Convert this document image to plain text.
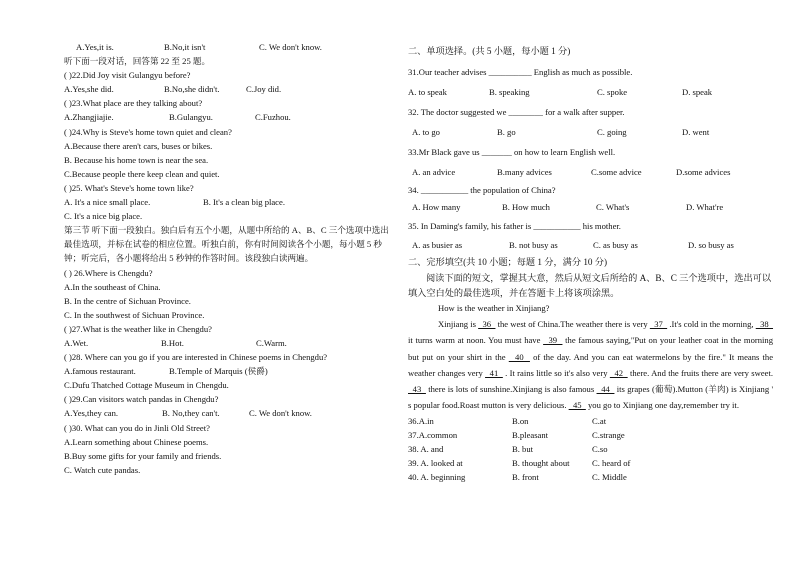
A.Yes,it is.	B.No,it isn't	C. We don't know.
听下面一段对话，回答第 22 至 25 题。
( )22.Did Joy visit Gulangyu before?
A.Yes,she did.	B.No,she didn't.	C.Joy did.
( )23.What place are they talking about?
A.Zhangjiajie.	B.Gulangyu.	C.Fuzhou.
( )24.Why is Steve's home town quiet and clean?
A.Because there aren't cars, buses or bikes.
B. Because his home town is near the sea.
C.Because people there keep clean and quiet.
( )25. What's Steve's home town like?
A. It's a nice small place.	B. It's a clean big place.
C. It's a nice big place.
第三节 听下面一段独白。独白后有五个小题，从题中所给的 A、B、C 三个选项中选出最佳选项，并标在试卷的相应位置。听独白前，你有时间阅读各个小题，每小题 5 秒钟；听完后，各小题将给出 5 秒钟的作答时间。该段独白读两遍。
( ) 26.Where is Chengdu?
A.In the southeast of China.
B. In the centre of Sichuan Province.
C. In the southwest of Sichuan Province.
( )27.What is the weather like in Chengdu?
A.Wet.	B.Hot.	C.Warm.
( )28. Where can you go if you are interested in Chinese poems in Chengdu?
A.famous restaurant.	B.Temple of Marquis (侯爵)
C.Dufu Thatched Cottage Museum in Chengdu.
( )29.Can visitors watch pandas in Chengdu?
A.Yes,they can.	B. No,they can't.	C. We don't know.
( )30. What can you do in Jinli Old Street?
A.Learn something about Chinese poems.
B.Buy some gifts for your family and friends.
C. Watch cute pandas.
二、单项选择。(共 5 小题，每小题 1 分)
31.Our teacher advises __________ English as much as possible.
A. to speak	B. speaking	C. spoke	D. speak
32. The doctor suggested we ________ for a walk after supper.
A. to go	B. go	C. going	D. went
33.Mr Black gave us _______ on how to learn English well.
A. an advice	B.many advices	C.some advice	D.some advices
34. ___________ the population of China?
A. How many	B. How much	C. What's	D. What're
35. In Daming's family, his father is ___________ his mother.
A. as busier as	B. not busy as	C. as busy as	D. so busy as
二、完形填空(共 10 小题；每题 1 分，满分 10 分)
阅读下面的短文，掌握其大意，然后从短文后所给的 A、B、C 三个选项中，选出可以填入空白处的最佳选项，并在答题卡上将该项涂黑。
How is the weather in Xinjiang?
Xinjiang is   36   the west of China.The weather there is very   37   .It's cold in the morning,   38   it turns warm at noon. You must have   39   the famous saying,"Put on your leather coat in the morning but put on your shirt in the   40   of the day. And you can eat watermelons by the fire." It means the weather changes very   41   . It rains little so it's also very   42   there. And the fruits there are very sweet.   43   there is lots of sunshine.Xinjiang is also famous   44   its grapes (葡萄).Mutton (羊肉) is Xinjiang ' s popular food.Roast mutton is very delicious.   45   you go to Xinjiang one day,remember try it.
36.A.in	B.on	C.at
37.A.common	B.pleasant	C.strange
38. A. and	B. but	C.so
39. A. looked at	B. thought about	C. heard of
40. A. beginning	B. front	C. Middle
